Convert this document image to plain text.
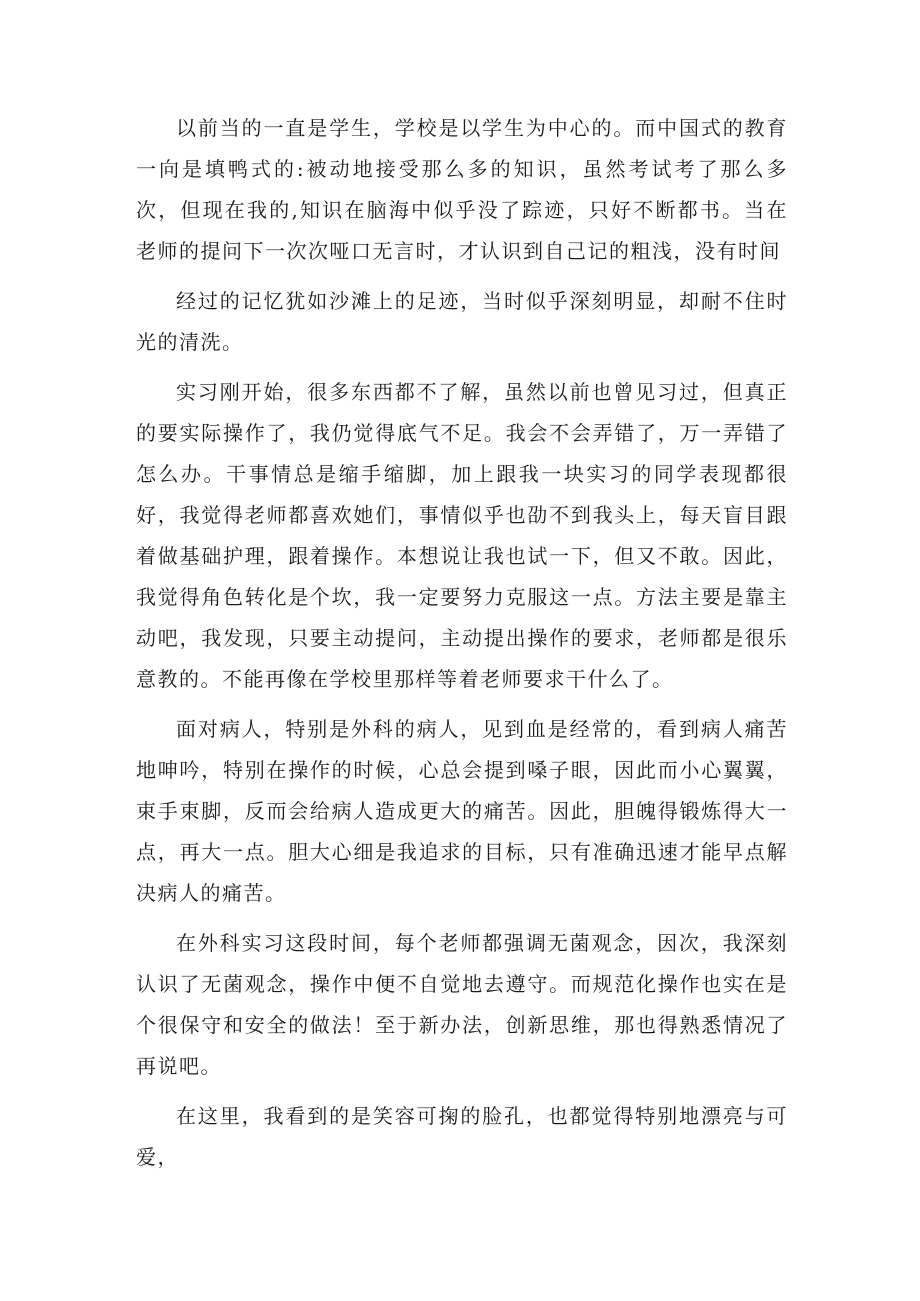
以前当的一直是学生，学校是以学生为中心的。而中国式的教育一向是填鸭式的:被动地接受那么多的知识，虽然考试考了那么多次，但现在我的,知识在脑海中似乎没了踪迹，只好不断都书。当在老师的提问下一次次哑口无言时，才认识到自己记的粗浅，没有时间

经过的记忆犹如沙滩上的足迹，当时似乎深刻明显，却耐不住时光的清洗。

实习刚开始，很多东西都不了解，虽然以前也曾见习过，但真正的要实际操作了，我仍觉得底气不足。我会不会弄错了，万一弄错了怎么办。干事情总是缩手缩脚，加上跟我一块实习的同学表现都很好，我觉得老师都喜欢她们，事情似乎也劭不到我头上，每天盲目跟着做基础护理，跟着操作。本想说让我也试一下，但又不敢。因此，我觉得角色转化是个坎，我一定要努力克服这一点。方法主要是靠主动吧，我发现，只要主动提问，主动提出操作的要求，老师都是很乐意教的。不能再像在学校里那样等着老师要求干什么了。

面对病人，特别是外科的病人，见到血是经常的，看到病人痛苦地呻吟，特别在操作的时候，心总会提到嗓子眼，因此而小心翼翼，束手束脚，反而会给病人造成更大的痛苦。因此，胆魄得锻炼得大一点，再大一点。胆大心细是我追求的目标，只有准确迅速才能早点解决病人的痛苦。

在外科实习这段时间，每个老师都强调无菌观念，因次，我深刻认识了无菌观念，操作中便不自觉地去遵守。而规范化操作也实在是个很保守和安全的做法！至于新办法，创新思维，那也得熟悉情况了再说吧。

在这里，我看到的是笑容可掬的脸孔，也都觉得特别地漂亮与可爱，
